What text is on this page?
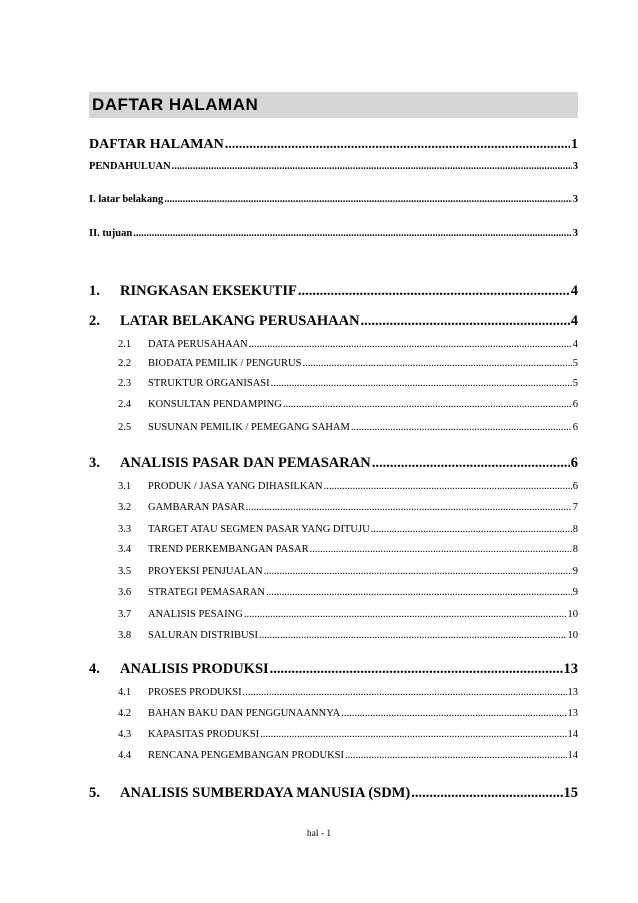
DAFTAR HALAMAN
DAFTAR HALAMAN .....	1
PENDAHULUAN .....	3
I. latar belakang .....	3
II. tujuan .....	3
1.	RINGKASAN EKSEKUTIF .....	4
2.	LATAR BELAKANG PERUSAHAAN .....	4
2.1	DATA PERUSAHAAN .....	4
2.2	BIODATA PEMILIK / PENGURUS .....	5
2.3	STRUKTUR ORGANISASI .....	5
2.4	KONSULTAN PENDAMPING .....	6
2.5	SUSUNAN PEMILIK / PEMEGANG SAHAM .....	6
3.	ANALISIS PASAR DAN PEMASARAN .....	6
3.1	PRODUK / JASA YANG DIHASILKAN .....	6
3.2	GAMBARAN PASAR .....	7
3.3	TARGET ATAU SEGMEN PASAR YANG DITUJU .....	8
3.4	TREND PERKEMBANGAN PASAR .....	8
3.5	PROYEKSI PENJUALAN .....	9
3.6	STRATEGI PEMASARAN .....	9
3.7	ANALISIS PESAING .....	10
3.8	SALURAN DISTRIBUSI .....	10
4.	ANALISIS PRODUKSI .....	13
4.1	PROSES PRODUKSI .....	13
4.2	BAHAN BAKU DAN PENGGUNAANNYA .....	13
4.3	KAPASITAS PRODUKSI .....	14
4.4	RENCANA PENGEMBANGAN PRODUKSI .....	14
5.	ANALISIS SUMBERDAYA MANUSIA (SDM) .....	15
hal - 1
